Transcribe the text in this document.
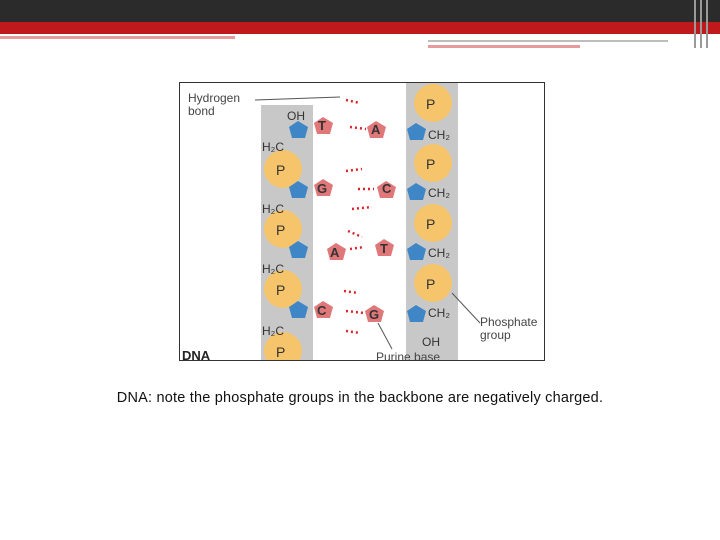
P
P
P
P
P
P
P
P
T	A
G	C
A	T
C	G
Hydrogen
bond	OH
H₂C
H₂C
H₂C
H₂C
CH₂
CH₂
CH₂
CH₂
OH
Phosphate
group
Purine base
DNA
DNA: note the phosphate groups in the backbone are negatively charged.
